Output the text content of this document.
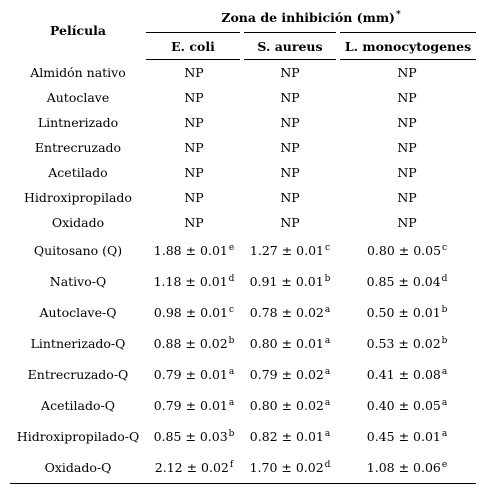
Película	Zona de inhibición (mm)*
	E. coli	S. aureus	L. monocytogenes
Almidón nativo	NP	NP	NP
Autoclave	NP	NP	NP
Lintnerizado	NP	NP	NP
Entrecruzado	NP	NP	NP
Acetilado	NP	NP	NP
Hidroxipropilado	NP	NP	NP
Oxidado	NP	NP	NP
Quitosano (Q)	1.88 ± 0.01$^e$	1.27 ± 0.01$^c$	0.80 ± 0.05$^c$
Nativo-Q	1.18 ± 0.01$^d$	0.91 ± 0.01$^b$	0.85 ± 0.04$^d$
Autoclave-Q	0.98 ± 0.01$^c$	0.78 ± 0.02$^a$	0.50 ± 0.01$^b$
Lintnerizado-Q	0.88 ± 0.02$^b$	0.80 ± 0.01$^a$	0.53 ± 0.02$^b$
Entrecruzado-Q	0.79 ± 0.01$^a$	0.79 ± 0.02$^a$	0.41 ± 0.08$^a$
Acetilado-Q	0.79 ± 0.01$^a$	0.80 ± 0.02$^a$	0.40 ± 0.05$^a$
Hidroxipropilado-Q	0.85 ± 0.03$^b$	0.82 ± 0.01$^a$	0.45 ± 0.01$^a$
Oxidado-Q	2.12 ± 0.02$^f$	1.70 ± 0.02$^d$	1.08 ± 0.06$^e$
